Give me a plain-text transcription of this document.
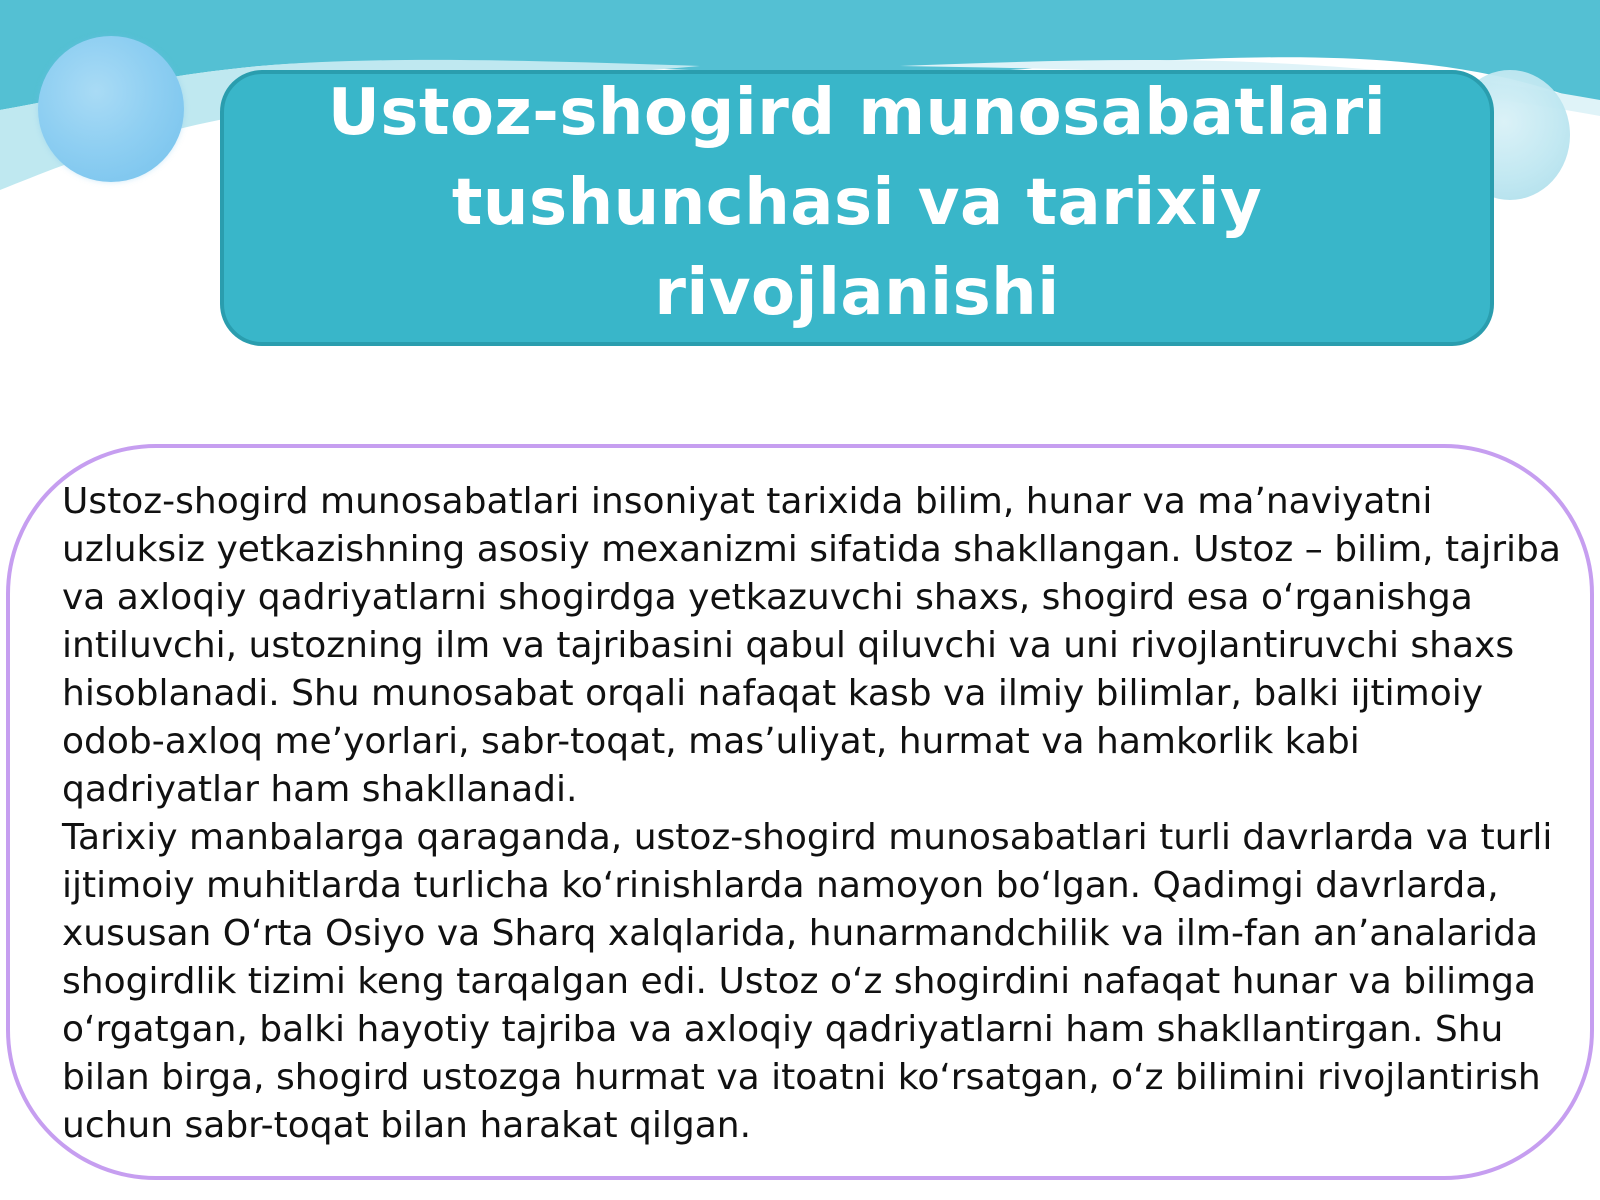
Ustoz-shogird munosabatlari tushunchasi va tarixiy rivojlanishi

Ustoz-shogird munosabatlari insoniyat tarixida bilim, hunar va ma’naviyatni uzluksiz yetkazishning asosiy mexanizmi sifatida shakllangan. Ustoz – bilim, tajriba va axloqiy qadriyatlarni shogirdga yetkazuvchi shaxs, shogird esa o‘rganishga intiluvchi, ustozning ilm va tajribasini qabul qiluvchi va uni rivojlantiruvchi shaxs hisoblanadi. Shu munosabat orqali nafaqat kasb va ilmiy bilimlar, balki ijtimoiy odob-axloq me’yorlari, sabr-toqat, mas’uliyat, hurmat va hamkorlik kabi qadriyatlar ham shakllanadi.

Tarixiy manbalarga qaraganda, ustoz-shogird munosabatlari turli davrlarda va turli ijtimoiy muhitlarda turlicha ko‘rinishlarda namoyon bo‘lgan. Qadimgi davrlarda, xususan O‘rta Osiyo va Sharq xalqlarida, hunarmandchilik va ilm-fan an’analarida shogirdlik tizimi keng tarqalgan edi. Ustoz o‘z shogirdini nafaqat hunar va bilimga o‘rgatgan, balki hayotiy tajriba va axloqiy qadriyatlarni ham shakllantirgan. Shu bilan birga, shogird ustozga hurmat va itoatni ko‘rsatgan, o‘z bilimini rivojlantirish uchun sabr-toqat bilan harakat qilgan.
